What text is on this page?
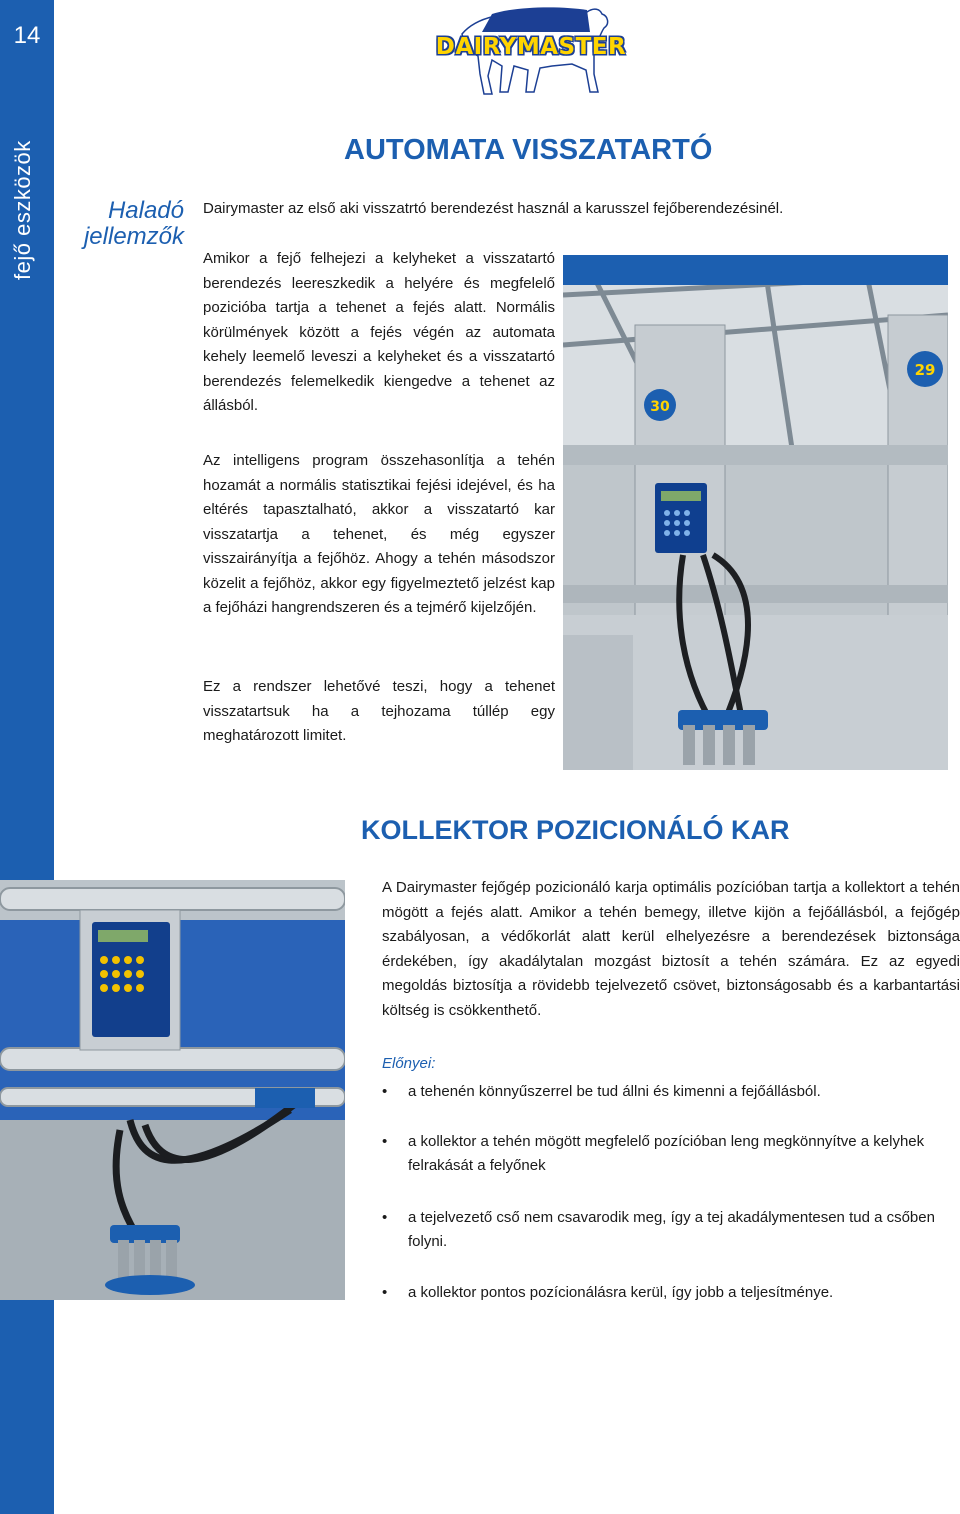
14
fejő eszközök
DAIRYMASTER
AUTOMATA VISSZATARTÓ
Haladó
jellemzők

Dairymaster az első aki visszatrtó berendezést használ a karusszel fejőberendezésinél.

Amikor a fejő felhejezi a kelyheket a visszatartó berendezés leereszkedik a helyére és megfelelő pozicióba tartja a tehenet a fejés alatt. Normális körülmények között a fejés végén az automata kehely leemelő leveszi a kelyheket és a visszatartó berendezés felemelkedik kiengedve a tehenet az állásból.

Az intelligens program összehasonlítja a tehén hozamát a normális statisztikai fejési idejével, és ha eltérés tapasztalható, akkor a visszatartó kar visszatartja a tehenet, és még egyszer visszairányítja a fejőhöz. Ahogy a tehén másodszor közelit a fejőhöz, akkor egy figyelmeztető jelzést kap a fejőházi hangrendszeren és a tejmérő kijelzőjén.

Ez a rendszer lehetővé teszi, hogy a tehenet visszatartsuk ha a tejhozama túllép egy meghatározott limitet.

30
29
KOLLEKTOR POZICIONÁLÓ KAR

A Dairymaster fejőgép pozicionáló karja optimális pozícióban tartja a kollektort a tehén mögött a fejés alatt. Amikor a tehén bemegy, illetve kijön a fejőállásból, a fejőgép szabályosan, a védőkorlát alatt kerül elhelyezésre a berendezések biztonsága érdekében, így akadálytalan mozgást biztosít a tehén számára. Ez az egyedi megoldás biztosítja a rövidebb tejelvezető csövet, biztonságosabb és a karbantartási költség is csökkenthető.

Előnyei:
• a tehenén könnyűszerrel be tud állni és kimenni a fejőállásból.
• a kollektor a tehén mögött megfelelő pozícióban leng megkönnyítve a kelyhek felrakását a felyőnek
• a tejelvezető cső nem csavarodik meg, így a tej akadálymentesen tud a csőben folyni.
• a kollektor pontos pozícionálásra kerül, így jobb a teljesítménye.
